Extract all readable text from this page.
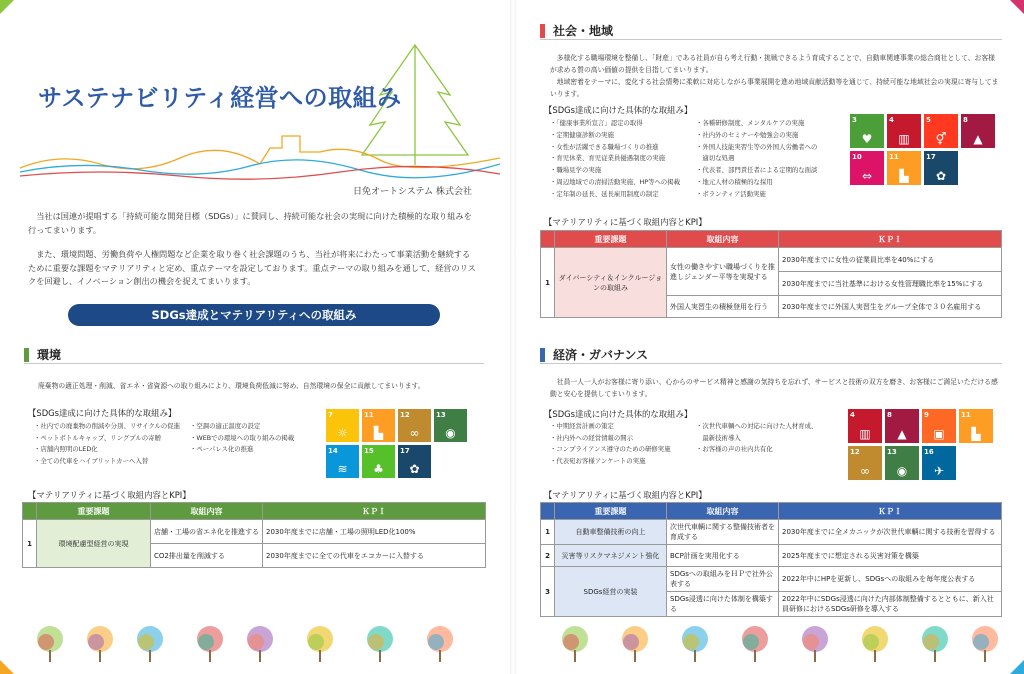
サステナビリティ経営への取組み
日免オートシステム 株式会社
当社は国連が提唱する「持続可能な開発目標（SDGs）」に賛同し、持続可能な社会の実現に向けた積極的な取り組みを行ってまいります。
また、環境問題、労働負荷や人権問題など企業を取り巻く社会課題のうち、当社が将来にわたって事業活動を継続するために重要な課題をマテリアリティと定め、重点テーマを設定しております。重点テーマの取り組みを通して、経営のリスクを回避し、イノベーション創出の機会を捉えてまいります。
SDGs達成とマテリアリティへの取組み
環境
廃棄物の適正処理・削減、省エネ・省資源への取り組みにより、環境負荷低減に努め、自然環境の保全に貢献してまいります。
【SDGs達成に向けた具体的な取組み】
・社内での廃棄物の削減や分別、リサイクルの促進
・ペットボトルキャップ、リングプルの寄贈
・店舗内照明のLED化
・全ての代車をハイブリットカーへ入替
・空調の適正温度の設定
・WEBでの環境への取り組みの掲載
・ペーパレス化の推進
7
☼
11
▙
12
∞
13
◉
14
≋
15
♣
17
✿
【マテリアリティに基づく取組内容とKPI】
	重要課題	取組内容	ＫＰＩ
1	環境配慮型経営の実現	店舗・工場の省エネ化を推進する	2030年度までに店舗・工場の照明LED化100%
		CO2排出量を削減する	2030年度までに全ての代車をエコカーに入替する
社会・地域
多様化する職場環境を整備し、「財産」である社員が自ら考え行動・挑戦できるよう育成することで、自動車関連事業の総合商社として、お客様が求める質の高い価値の提供を目指してまいります。
地域密着をテーマに、変化する社会情勢に柔軟に対応しながら事業展開を進め地域貢献活動等を通じて、持続可能な地域社会の実現に寄与してまいります。
【SDGs達成に向けた具体的な取組み】
・「健康事業所宣言」認定の取得
・定期健康診断の実施
・女性が活躍できる職場づくりの推進
・育児休業、育児従業員優遇制度の実施
・職場見学の実施
・周辺地域での清掃活動実施、HP等への掲載
・定年制の延長、延長雇用制度の制定
・各種研修制度、メンタルケアの実施
・社内外のセミナーや勉強会の実施
・外国人技能実習生等の外国人労働者への
　適切な処遇
・代表者、部門責任者による定期的な面談
・地元人材の積極的な採用
・ボランティア活動実施
3
♥
4
▥
5
⚥
8
▲
10
⇔
11
▙
17
✿
【マテリアリティに基づく取組内容とKPI】
	重要課題	取組内容	ＫＰＩ
1	ダイバーシティ＆インクルージョンの取組み	女性の働きやすい職場づくりを推進しジェンダー平等を実現する	2030年度までに女性の従業員比率を40%にする
			2030年度までに当社基準における女性管理職比率を15%にする
		外国人実習生の積極登用を行う	2030年度までに外国人実習生をグループ全体で３０名雇用する
経済・ガバナンス
社員一人一人がお客様に寄り添い、心からのサービス精神と感謝の気持ちを忘れず、サービスと技術の双方を磨き、お客様にご満足いただける感動と安心を提供してまいります。
【SDGs達成に向けた具体的な取組み】
・中期経営計画の策定
・社内外への経営情報の開示
・コンプライアンス遵守のための研修実施
・代表宛お客様アンケートの実施
・次世代車輌への対応に向けた人材育成、
　最新技術導入
・お客様の声の社内共有化
4
▥
8
▲
9
▣
11
▙
12
∞
13
◉
16
✈
【マテリアリティに基づく取組内容とKPI】
	重要課題	取組内容	ＫＰＩ
1	自動車整備技術の向上	次世代車輌に関する整備技術者を育成する	2030年度までに全メカニックが次世代車輌に関する技術を習得する
2	災害等リスクマネジメント強化	BCP計画を実用化する	2025年度までに想定される災害対策を構築
3	SDGs経営の実装	SDGsへの取組みをＨＰで社外公表する	2022年中にHPを更新し、SDGsへの取組みを毎年度公表する
		SDGs浸透に向けた体制を構築する	2022年中にSDGs浸透に向けた内部体制整備するとともに、新入社員研修におけるSDGs研修を導入する
